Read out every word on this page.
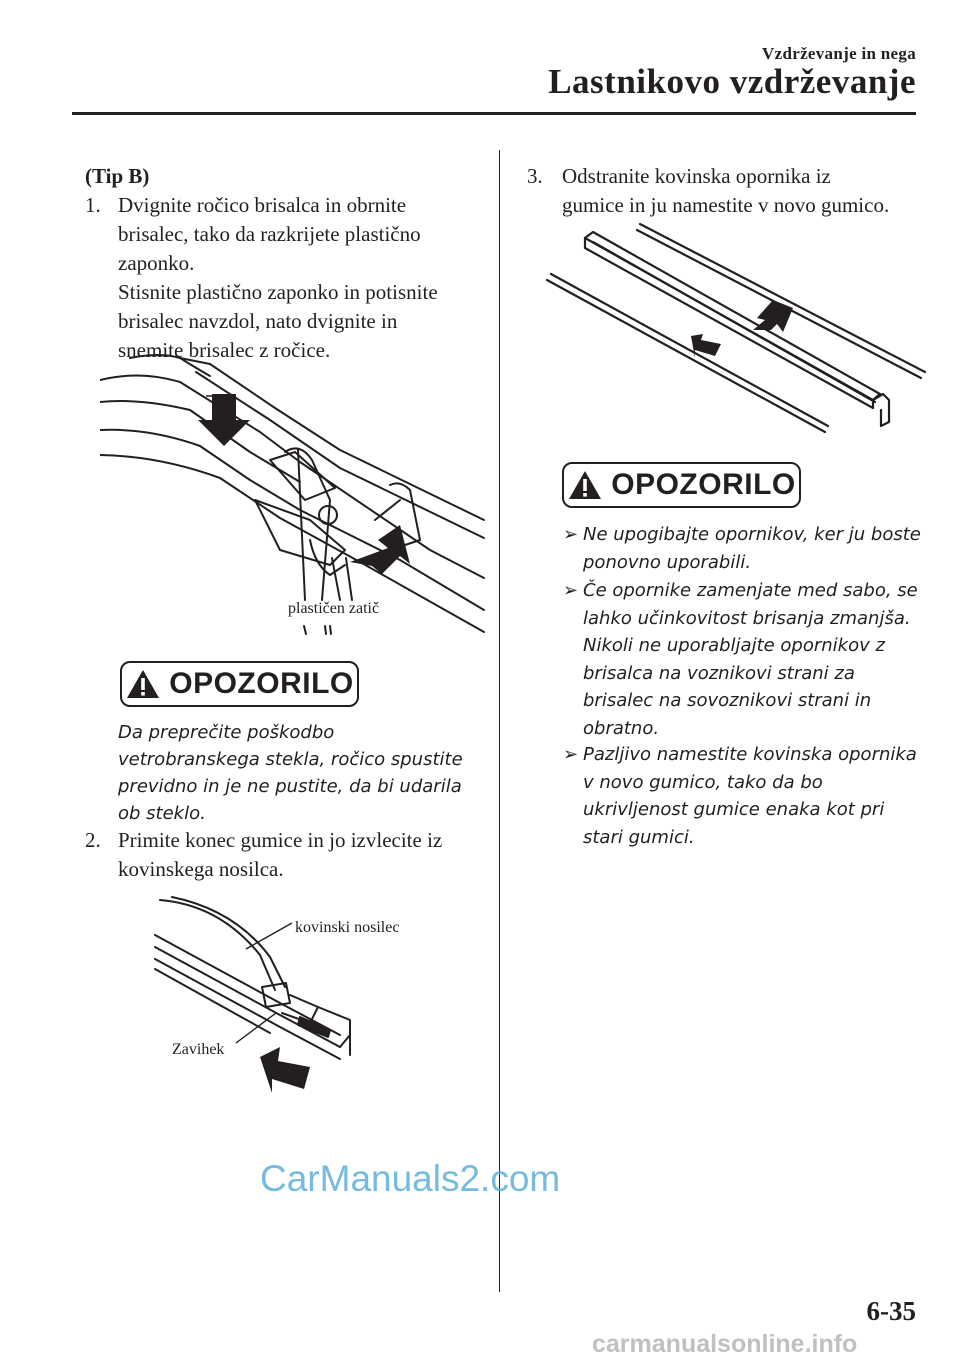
Vzdrževanje in nega
Lastnikovo vzdrževanje
(Tip B)
1. Dvignite ročico brisalca in obrnite
brisalec, tako da razkrijete plastično
zaponko.
Stisnite plastično zaponko in potisnite
brisalec navzdol, nato dvignite in
snemite brisalec z ročice.
plastičen zatič
OPOZORILO
Da preprečite poškodbo
vetrobranskega stekla, ročico spustite
previdno in je ne pustite, da bi udarila
ob steklo.
2. Primite konec gumice in jo izvlecite iz
kovinskega nosilca.
kovinski nosilec
Zavihek
3. Odstranite kovinska opornika iz
gumice in ju namestite v novo gumico.
OPOZORILO
➢ Ne upogibajte opornikov, ker ju boste
ponovno uporabili.
➢ Če opornike zamenjate med sabo, se
lahko učinkovitost brisanja zmanjša.
Nikoli ne uporabljajte opornikov z
brisalca na voznikovi strani za
brisalec na sovoznikovi strani in
obratno.
➢ Pazljivo namestite kovinska opornika
v novo gumico, tako da bo
ukrivljenost gumice enaka kot pri
stari gumici.
CarManuals2.com
6-35
carmanualsonline.info
